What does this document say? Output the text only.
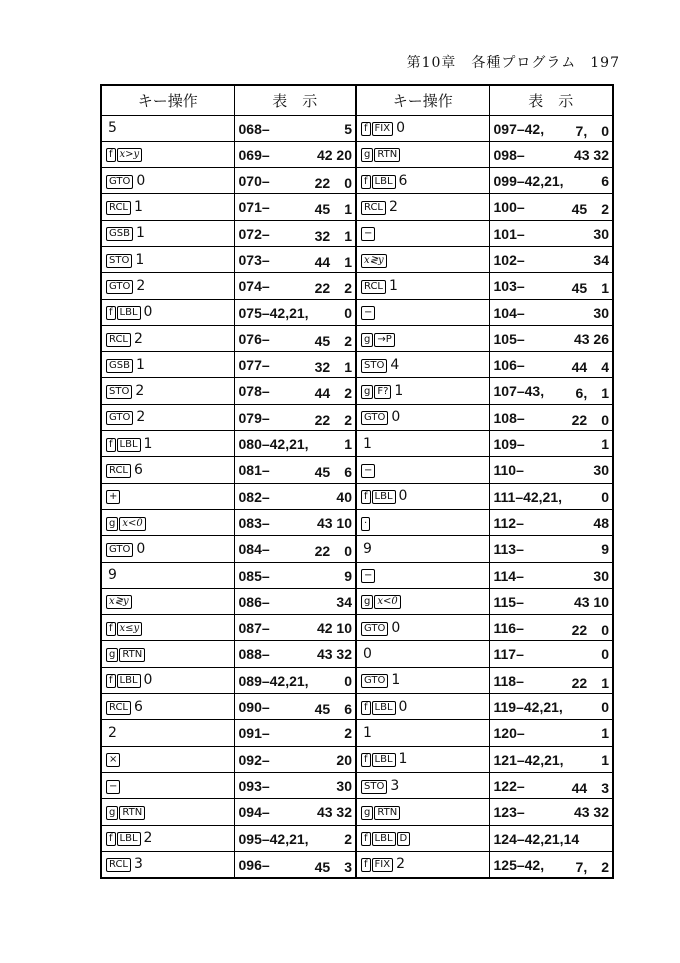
第10章　各種プログラム 197
キー操作	表　示	キー操作	表　示
5	068– 5	f FIX 0	097–42, 7,　0

f x>y	069– 42 20	g RTN	098– 43 32

GTO 0	070– 22　0	f LBL 6	099–42,21, 6

RCL 1	071– 45　1	RCL 2	100– 45　2

GSB 1	072– 32　1	−	101– 30

STO 1	073– 44　1	x≷y	102– 34

GTO 2	074– 22　2	RCL 1	103– 45　1

f LBL 0	075–42,21, 0	−	104– 30

RCL 2	076– 45　2	g →P	105– 43 26

GSB 1	077– 32　1	STO 4	106– 44　4

STO 2	078– 44　2	g F? 1	107–43, 6,　1

GTO 2	079– 22　2	GTO 0	108– 22　0

f LBL 1	080–42,21, 1	1	109– 1

RCL 6	081– 45　6	−	110– 30

+	082– 40	f LBL 0	111–42,21, 0

g x<0	083– 43 10	·	112– 48

GTO 0	084– 22　0	9	113– 9

9	085– 9	−	114– 30

x≷y	086– 34	g x<0	115– 43 10

f x≤y	087– 42 10	GTO 0	116– 22　0

g RTN	088– 43 32	0	117– 0

f LBL 0	089–42,21, 0	GTO 1	118– 22　1

RCL 6	090– 45　6	f LBL 0	119–42,21, 0

2	091– 2	1	120– 1

×	092– 20	f LBL 1	121–42,21, 1

−	093– 30	STO 3	122– 44　3

g RTN	094– 43 32	g RTN	123– 43 32

f LBL 2	095–42,21, 2	f LBL D	124–42,21,14

RCL 3	096– 45　3	f FIX 2	125–42, 7,　2
